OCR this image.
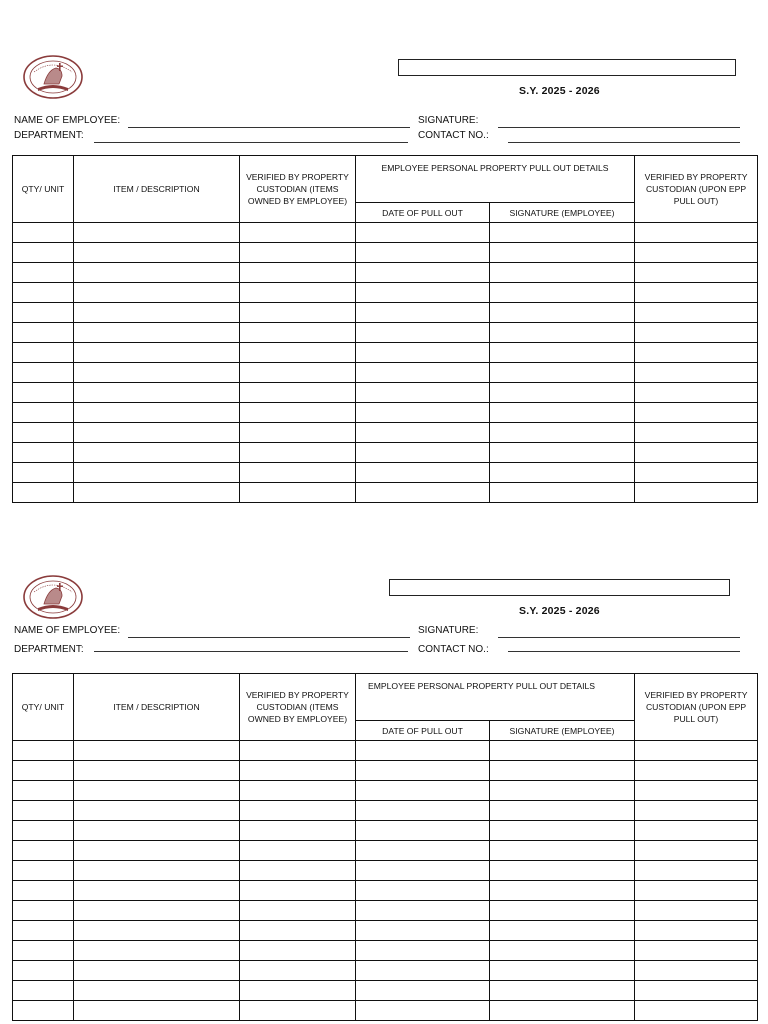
S.Y. 2025 - 2026
NAME OF EMPLOYEE:
DEPARTMENT:
SIGNATURE:
CONTACT NO.:
QTY/ UNIT	ITEM / DESCRIPTION	VERIFIED BY PROPERTY CUSTODIAN (ITEMS OWNED BY EMPLOYEE)	EMPLOYEE PERSONAL PROPERTY PULL OUT DETAILS		VERIFIED BY PROPERTY CUSTODIAN (UPON EPP PULL OUT)
			DATE OF PULL OUT	SIGNATURE (EMPLOYEE)	

S.Y. 2025 - 2026
NAME OF EMPLOYEE:
DEPARTMENT:
SIGNATURE:
CONTACT NO.:
QTY/ UNIT	ITEM / DESCRIPTION	VERIFIED BY PROPERTY CUSTODIAN (ITEMS OWNED BY EMPLOYEE)	EMPLOYEE PERSONAL PROPERTY PULL OUT DETAILS		VERIFIED BY PROPERTY CUSTODIAN (UPON EPP PULL OUT)
			DATE OF PULL OUT	SIGNATURE (EMPLOYEE)	
